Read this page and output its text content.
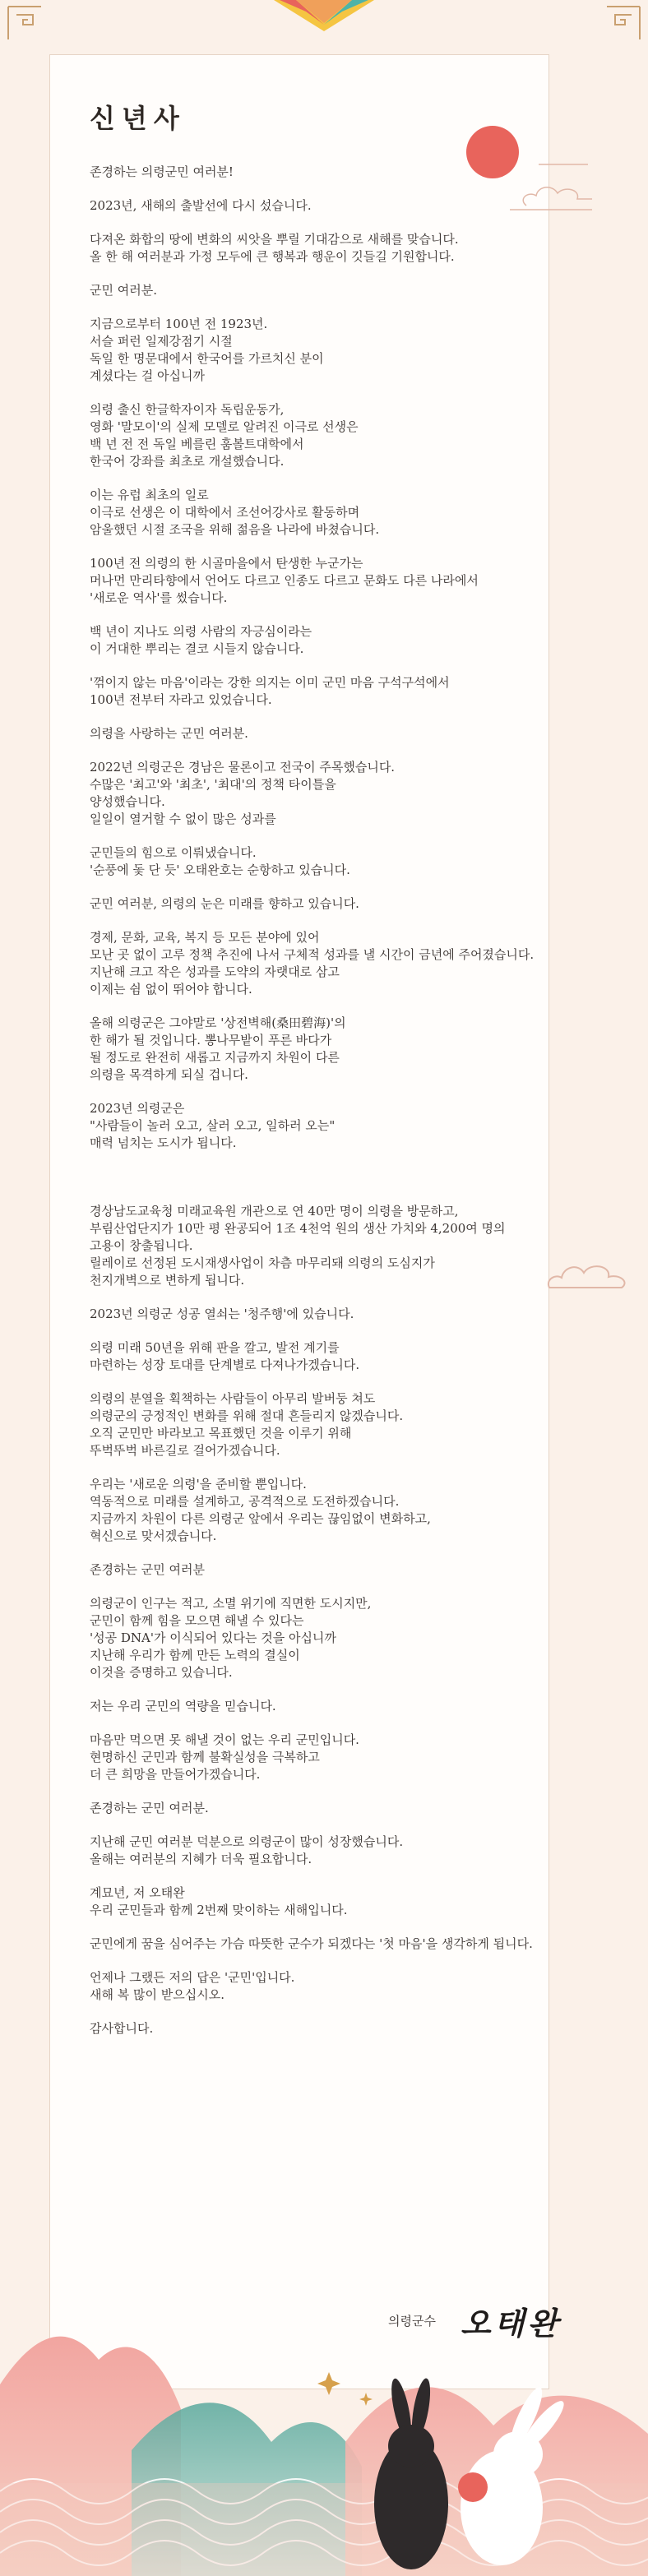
신년사

존경하는 의령군민 여러분!

2023년, 새해의 출발선에 다시 섰습니다.

다져온 화합의 땅에 변화의 씨앗을 뿌릴 기대감으로 새해를 맞습니다.
올 한 해 여러분과 가정 모두에 큰 행복과 행운이 깃들길 기원합니다.

군민 여러분.

지금으로부터 100년 전 1923년.
서슬 퍼런 일제강점기 시절
독일 한 명문대에서 한국어를 가르치신 분이
계셨다는 걸 아십니까

의령 출신 한글학자이자 독립운동가,
영화 '말모이'의 실제 모델로 알려진 이극로 선생은
백 년 전 전 독일 베를린 훔볼트대학에서
한국어 강좌를 최초로 개설했습니다.

이는 유럽 최초의 일로
이극로 선생은 이 대학에서 조선어강사로 활동하며
암울했던 시절 조국을 위해 젊음을 나라에 바쳤습니다.

100년 전 의령의 한 시골마을에서 탄생한 누군가는
머나먼 만리타향에서 언어도 다르고 인종도 다르고 문화도 다른 나라에서
'새로운 역사'를 썼습니다.

백 년이 지나도 의령 사람의 자긍심이라는
이 거대한 뿌리는 결코 시들지 않습니다.

'꺾이지 않는 마음'이라는 강한 의지는 이미 군민 마음 구석구석에서
100년 전부터 자라고 있었습니다.

의령을 사랑하는 군민 여러분.

2022년 의령군은 경남은 물론이고 전국이 주목했습니다.
수많은 '최고'와 '최초', '최대'의 정책 타이틀을
양성했습니다.
일일이 열거할 수 없이 많은 성과를

군민들의 힘으로 이뤄냈습니다.
'순풍에 돛 단 듯' 오태완호는 순항하고 있습니다.

군민 여러분, 의령의 눈은 미래를 향하고 있습니다.

경제, 문화, 교육, 복지 등 모든 분야에 있어
모난 곳 없이 고루 정책 추진에 나서 구체적 성과를 낼 시간이 금년에 주어졌습니다.
지난해 크고 작은 성과를 도약의 자랫대로 삼고
이제는 쉼 없이 뛰어야 합니다.

올해 의령군은 그야말로 '상전벽해(桑田碧海)'의
한 해가 될 것입니다. 뽕나무밭이 푸른 바다가
될 정도로 완전히 새롭고 지금까지 차원이 다른
의령을 목격하게 되실 겁니다.

2023년 의령군은
"사람들이 놀러 오고, 살러 오고, 일하러 오는"
매력 넘치는 도시가 됩니다.

경상남도교육청 미래교육원 개관으로 연 40만 명이 의령을 방문하고,
부림산업단지가 10만 평 완공되어 1조 4천억 원의 생산 가치와 4,200여 명의
고용이 창출됩니다.
릴레이로 선정된 도시재생사업이 차츰 마무리돼 의령의 도심지가
천지개벽으로 변하게 됩니다.

2023년 의령군 성공 열쇠는 '청주행'에 있습니다.

의령 미래 50년을 위해 판을 깔고, 발전 계기를
마련하는 성장 토대를 단계별로 다져나가겠습니다.

의령의 분열을 획책하는 사람들이 아무리 발버둥 쳐도
의령군의 긍정적인 변화를 위해 절대 흔들리지 않겠습니다.
오직 군민만 바라보고 목표했던 것을 이루기 위해
뚜벅뚜벅 바른길로 걸어가겠습니다.

우리는 '새로운 의령'을 준비할 뿐입니다.
역동적으로 미래를 설계하고, 공격적으로 도전하겠습니다.
지금까지 차원이 다른 의령군 앞에서 우리는 끊임없이 변화하고,
혁신으로 맞서겠습니다.

존경하는 군민 여러분

의령군이 인구는 적고, 소멸 위기에 직면한 도시지만,
군민이 함께 힘을 모으면 해낼 수 있다는
'성공 DNA'가 이식되어 있다는 것을 아십니까
지난해 우리가 함께 만든 노력의 결실이
이것을 증명하고 있습니다.

저는 우리 군민의 역량을 믿습니다.

마음만 먹으면 못 해낼 것이 없는 우리 군민입니다.
현명하신 군민과 함께 불확실성을 극복하고
더 큰 희망을 만들어가겠습니다.

존경하는 군민 여러분.

지난해 군민 여러분 덕분으로 의령군이 많이 성장했습니다.
올해는 여러분의 지혜가 더욱 필요합니다.

계묘년, 저 오태완
우리 군민들과 함께 2번째 맞이하는 새해입니다.

군민에게 꿈을 심어주는 가슴 따뜻한 군수가 되겠다는 '첫 마음'을 생각하게 됩니다.

언제나 그랬든 저의 답은 '군민'입니다.
새해 복 많이 받으십시오.

감사합니다.

의령군수 오태완
